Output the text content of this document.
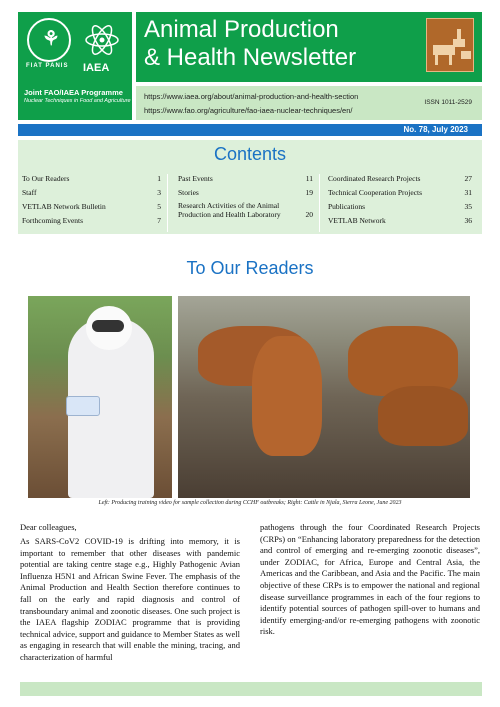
⚘
FIAT PANIS IAEA
Joint FAO/IAEA Programme
Nuclear Techniques in Food and Agriculture
Animal Production
& Health Newsletter
https://www.iaea.org/about/animal-production-and-health-section
https://www.fao.org/agriculture/fao-iaea-nuclear-techniques/en/
ISSN 1011-2529
No. 78, July 2023
Contents
To Our Readers	1
Staff	3
VETLAB Network Bulletin	5
Forthcoming Events	7
Past Events	11
Stories	19
Research Activities of the Animal Production and Health Laboratory	20
Coordinated Research Projects	27
Technical Cooperation Projects	31
Publications	35
VETLAB Network	36
To Our Readers
Left: Producing training video for sample collection during CCHF outbreaks; Right: Cattle in Njala, Sierra Leone, June 2023
Dear colleagues,
As SARS-CoV2 COVID-19 is drifting into memory, it is important to remember that other diseases with pandemic potential are taking centre stage e.g., Highly Pathogenic Avian Influenza H5N1 and African Swine Fever. The emphasis of the Animal Production and Health Section therefore continues to fall on the early and rapid diagnosis and control of transboundary animal and zoonotic diseases. One such project is the IAEA flagship ZODIAC programme that is providing technical advice, support and guidance to Member States as well as engaging in research that will enable the mining, tracing, and characterization of harmful
pathogens through the four Coordinated Research Projects (CRPs) on “Enhancing laboratory preparedness for the detection and control of emerging and re-emerging zoonotic diseases”, under ZODIAC, for Africa, Europe and Central Asia, the Americas and the Caribbean, and Asia and the Pacific. The main objective of these CRPs is to empower the national and regional disease surveillance programmes in each of the four regions to identify potential sources of pathogen spill-over to humans and identify emerging-and/or re-emerging pathogens with zoonotic risk.
